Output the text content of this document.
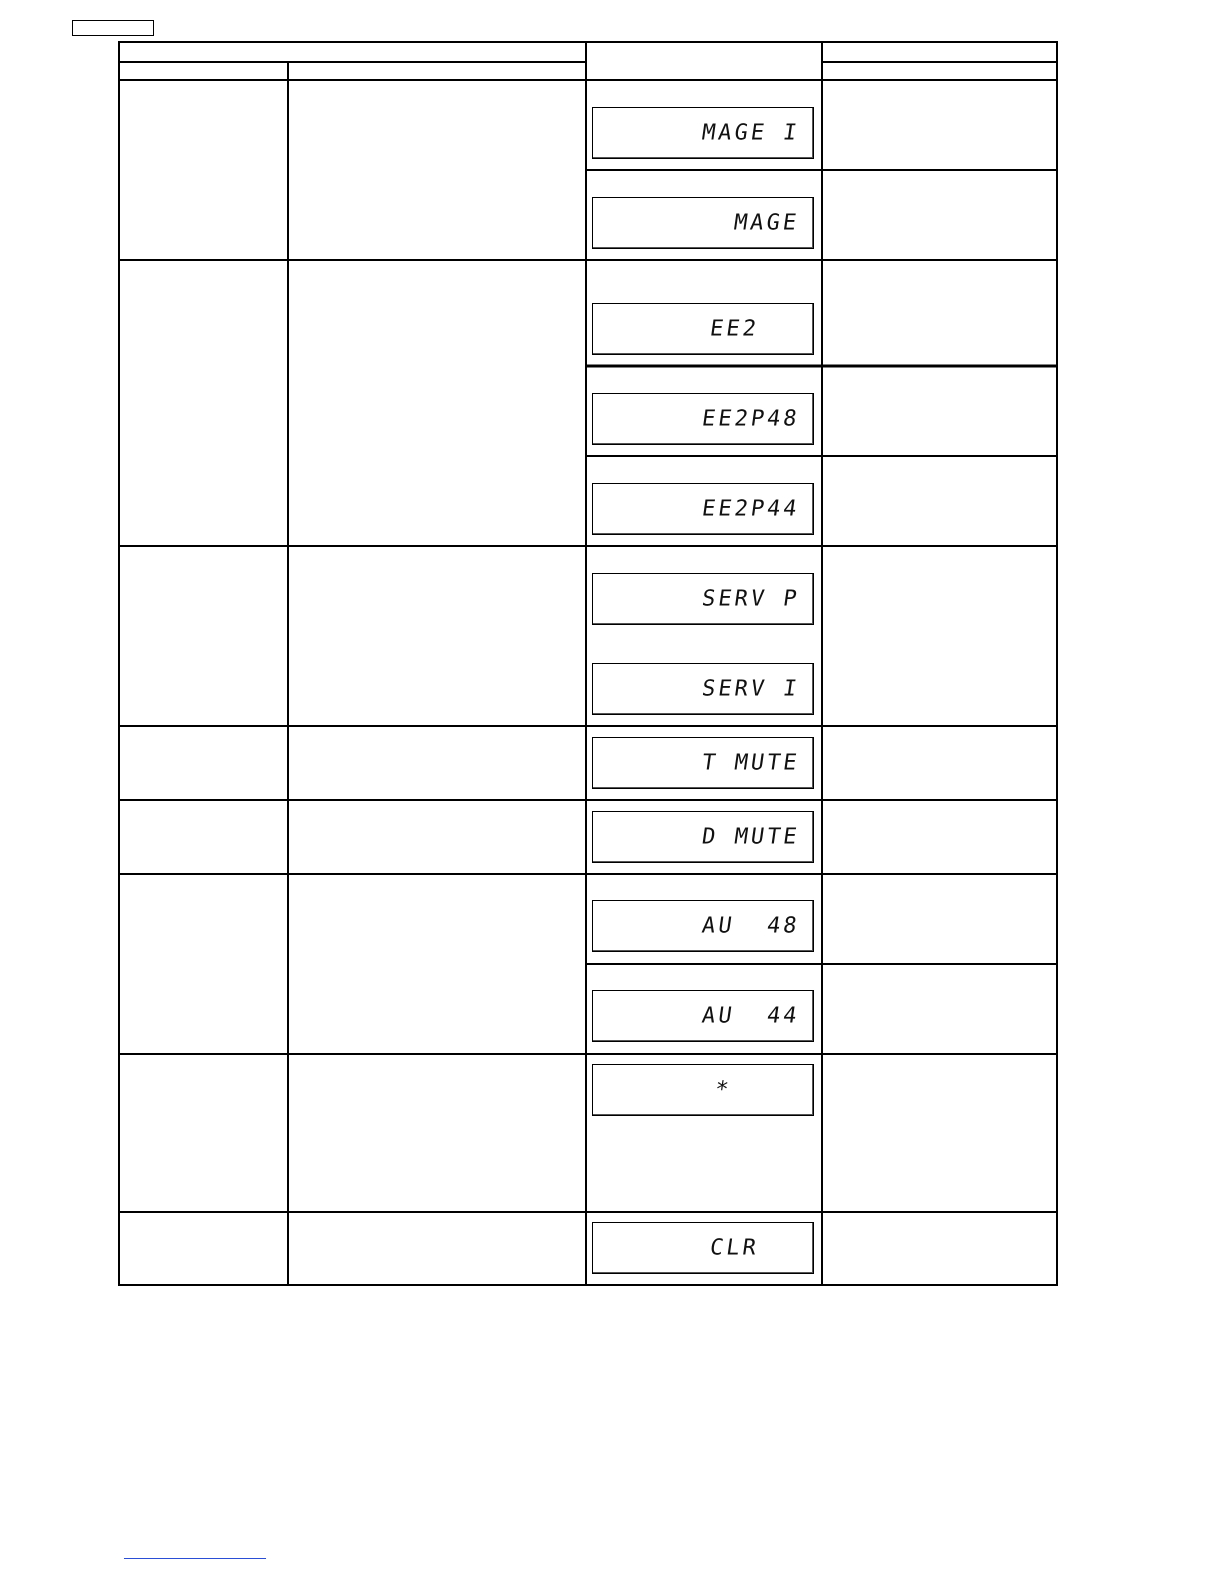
MAGE I
MAGE
EE2
EE2P48
EE2P44
SERV P
SERV I
T MUTE
D MUTE
AU  48
AU  44
*
CLR
